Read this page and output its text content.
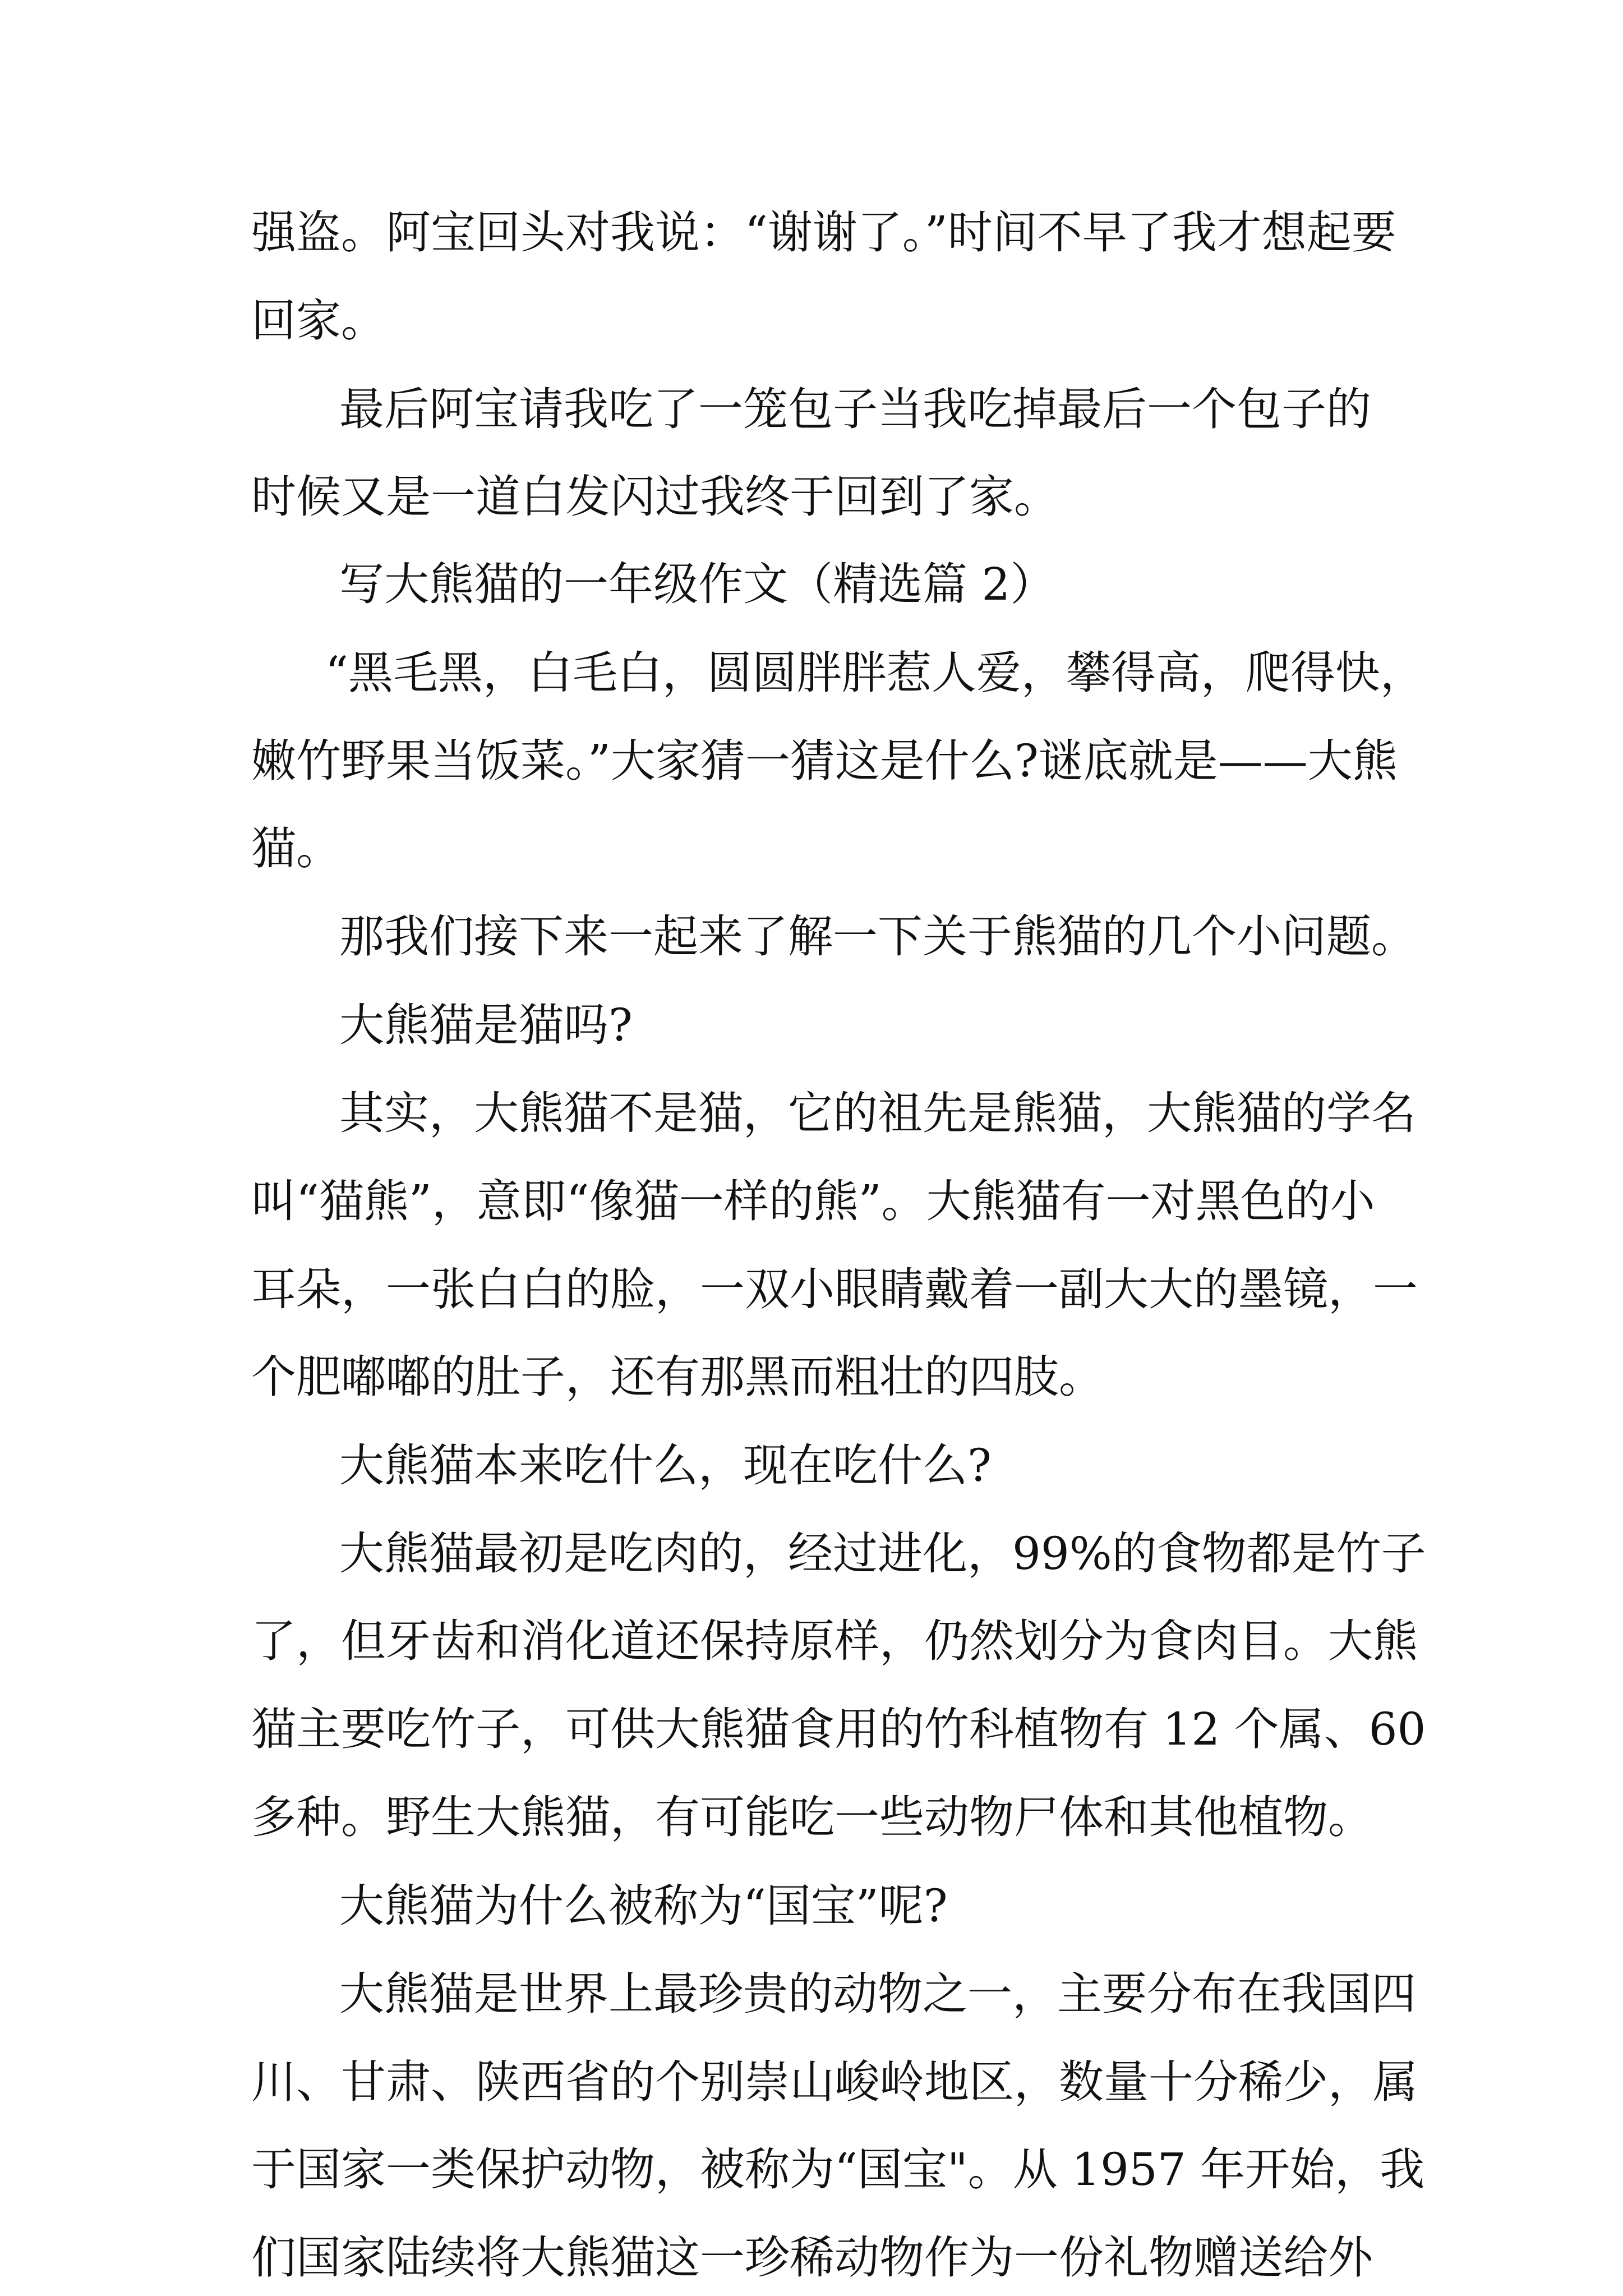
强盗。阿宝回头对我说：“谢谢了。”时间不早了我才想起要
回家。
最后阿宝请我吃了一笼包子当我吃掉最后一个包子的
时候又是一道白发闪过我终于回到了家。
写大熊猫的一年级作文（精选篇 2）
“黑毛黑，白毛白，圆圆胖胖惹人爱，攀得高，爬得快，
嫩竹野果当饭菜。”大家猜一猜这是什么?谜底就是——大熊
猫。
那我们接下来一起来了解一下关于熊猫的几个小问题。
大熊猫是猫吗?
其实，大熊猫不是猫，它的祖先是熊猫，大熊猫的学名
叫“猫熊”，意即“像猫一样的熊”。大熊猫有一对黑色的小
耳朵，一张白白的脸，一双小眼睛戴着一副大大的墨镜，一
个肥嘟嘟的肚子，还有那黑而粗壮的四肢。
大熊猫本来吃什么，现在吃什么?
大熊猫最初是吃肉的，经过进化，99%的食物都是竹子
了，但牙齿和消化道还保持原样，仍然划分为食肉目。大熊
猫主要吃竹子，可供大熊猫食用的竹科植物有 12 个属、60
多种。野生大熊猫，有可能吃一些动物尸体和其他植物。
大熊猫为什么被称为“国宝”呢?
大熊猫是世界上最珍贵的动物之一，主要分布在我国四
川、甘肃、陕西省的个别崇山峻岭地区，数量十分稀少，属
于国家一类保护动物，被称为“国宝"。从 1957 年开始，我
们国家陆续将大熊猫这一珍稀动物作为一份礼物赠送给外
